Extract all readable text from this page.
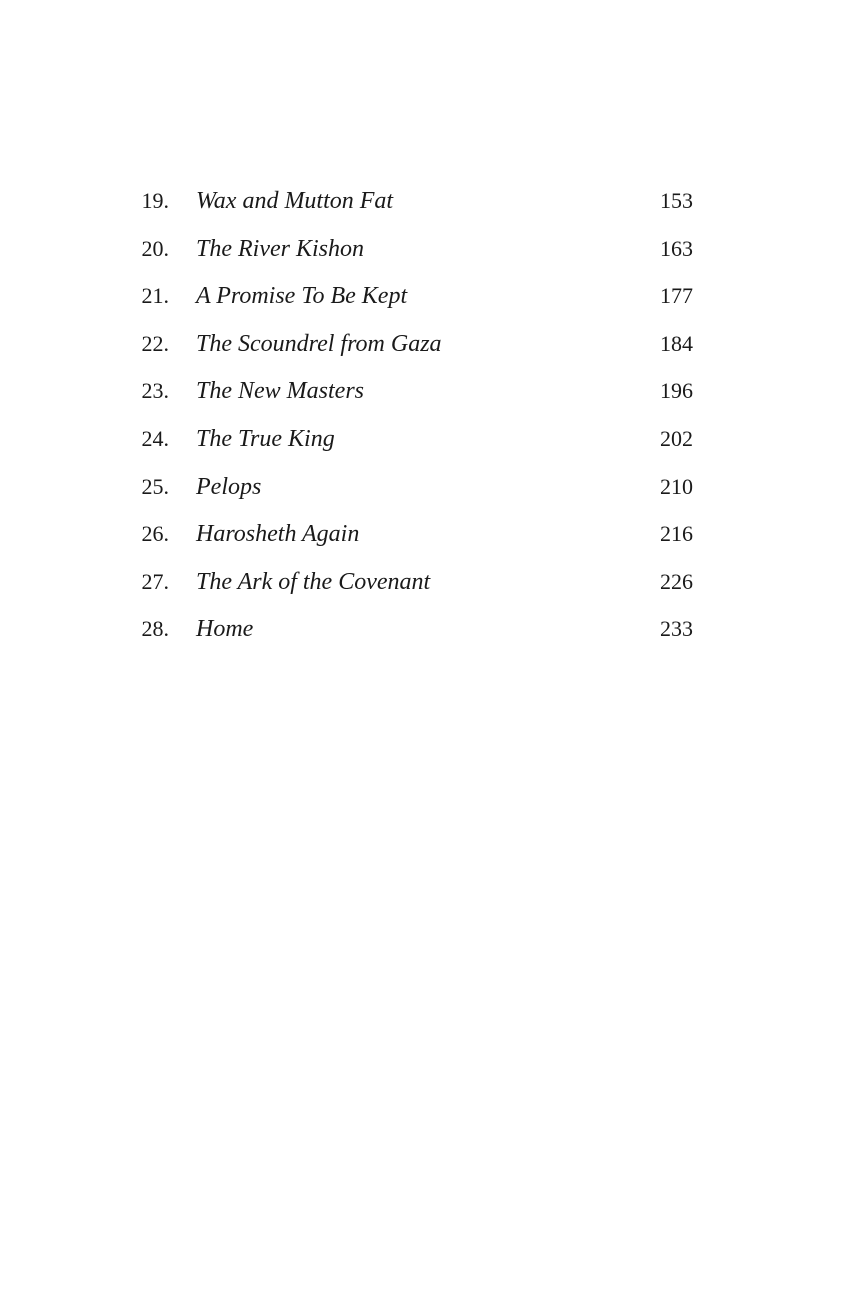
19. Wax and Mutton Fat	153
20. The River Kishon	163
21. A Promise To Be Kept	177
22. The Scoundrel from Gaza	184
23. The New Masters	196
24. The True King	202
25. Pelops	210
26. Harosheth Again	216
27. The Ark of the Covenant	226
28. Home	233
